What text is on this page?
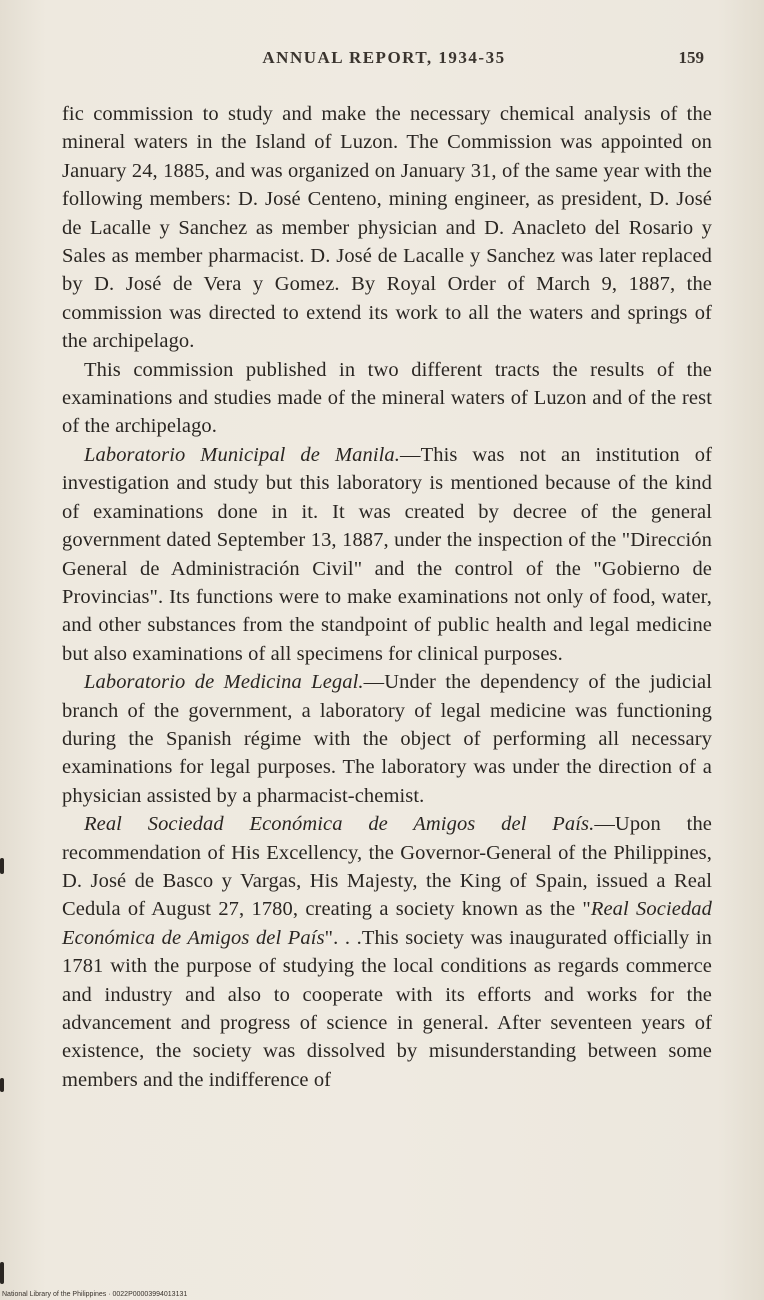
ANNUAL REPORT, 1934-35	159

fic commission to study and make the necessary chemical analysis of the mineral waters in the Island of Luzon. The Commission was appointed on January 24, 1885, and was organized on January 31, of the same year with the following members: D. José Centeno, mining engineer, as president, D. José de Lacalle y Sanchez as member physician and D. Anacleto del Rosario y Sales as member pharmacist. D. José de Lacalle y Sanchez was later replaced by D. José de Vera y Gomez. By Royal Order of March 9, 1887, the commission was directed to extend its work to all the waters and springs of the archipelago.

This commission published in two different tracts the results of the examinations and studies made of the mineral waters of Luzon and of the rest of the archipelago.

Laboratorio Municipal de Manila.—This was not an institution of investigation and study but this laboratory is mentioned because of the kind of examinations done in it. It was created by decree of the general government dated September 13, 1887, under the inspection of the "Dirección General de Administración Civil" and the control of the "Gobierno de Provincias". Its functions were to make examinations not only of food, water, and other substances from the standpoint of public health and legal medicine but also examinations of all specimens for clinical purposes.

Laboratorio de Medicina Legal.—Under the dependency of the judicial branch of the government, a laboratory of legal medicine was functioning during the Spanish régime with the object of performing all necessary examinations for legal purposes. The laboratory was under the direction of a physician assisted by a pharmacist-chemist.

Real Sociedad Económica de Amigos del País.—Upon the recommendation of His Excellency, the Governor-General of the Philippines, D. José de Basco y Vargas, His Majesty, the King of Spain, issued a Real Cedula of August 27, 1780, creating a society known as the "Real Sociedad Económica de Amigos del País". . .This society was inaugurated officially in 1781 with the purpose of studying the local conditions as regards commerce and industry and also to cooperate with its efforts and works for the advancement and progress of science in general. After seventeen years of existence, the society was dissolved by misunderstanding between some members and the indifference of

National Library of the Philippines · 0022P00003994013131
